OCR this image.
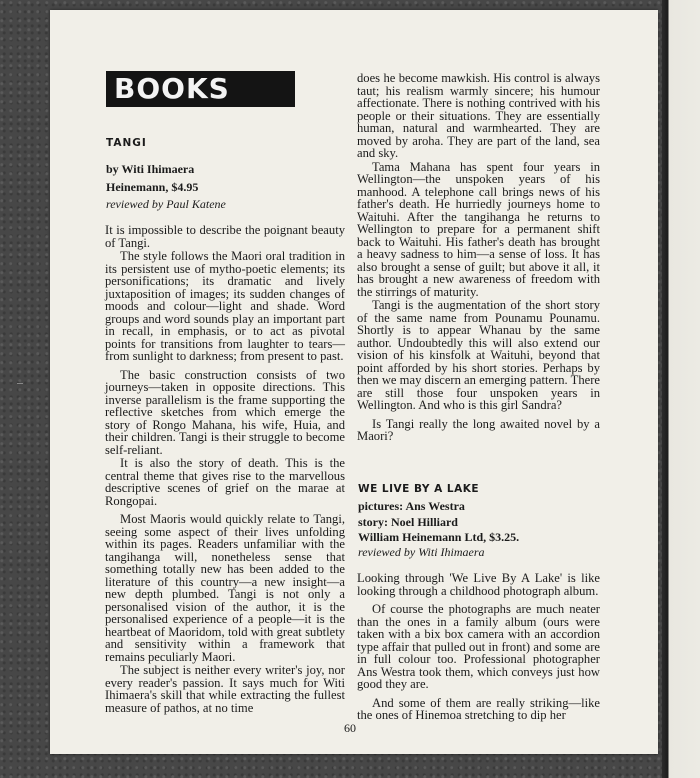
BOOKS
TANGI
by Witi Ihimaera
Heinemann, $4.95
reviewed by Paul Katene

It is impossible to describe the poignant beauty of Tangi.

The style follows the Maori oral tradition in its persistent use of mytho-poetic elements; its personifications; its dramatic and lively juxtaposition of images; its sudden changes of moods and colour—light and shade. Word groups and word sounds play an important part in recall, in emphasis, or to act as pivotal points for transitions from laughter to tears—from sunlight to darkness; from present to past.

The basic construction consists of two journeys—taken in opposite directions. This inverse parallelism is the frame supporting the reflective sketches from which emerge the story of Rongo Mahana, his wife, Huia, and their children. Tangi is their struggle to become self-reliant.

It is also the story of death. This is the central theme that gives rise to the marvellous descriptive scenes of grief on the marae at Rongopai.

Most Maoris would quickly relate to Tangi, seeing some aspect of their lives unfolding within its pages. Readers unfamiliar with the tangihanga will, nonetheless sense that something totally new has been added to the literature of this country—a new insight—a new depth plumbed. Tangi is not only a personalised vision of the author, it is the personalised experience of a people—it is the heartbeat of Maoridom, told with great subtlety and sensitivity within a framework that remains peculiarly Maori.

The subject is neither every writer's joy, nor every reader's passion. It says much for Witi Ihimaera's skill that while extracting the fullest measure of pathos, at no time

does he become mawkish. His control is always taut; his realism warmly sincere; his humour affectionate. There is nothing contrived with his people or their situations. They are essentially human, natural and warmhearted. They are moved by aroha. They are part of the land, sea and sky.

Tama Mahana has spent four years in Wellington—the unspoken years of his manhood. A telephone call brings news of his father's death. He hurriedly journeys home to Waituhi. After the tangihanga he returns to Wellington to prepare for a permanent shift back to Waituhi. His father's death has brought a heavy sadness to him—a sense of loss. It has also brought a sense of guilt; but above it all, it has brought a new awareness of freedom with the stirrings of maturity.

Tangi is the augmentation of the short story of the same name from Pounamu Pounamu. Shortly is to appear Whanau by the same author. Undoubtedly this will also extend our vision of his kinsfolk at Waituhi, beyond that point afforded by his short stories. Perhaps by then we may discern an emerging pattern. There are still those four unspoken years in Wellington. And who is this girl Sandra?

Is Tangi really the long awaited novel by a Maori?

WE LIVE BY A LAKE
pictures: Ans Westra
story: Noel Hilliard
William Heinemann Ltd, $3.25.
reviewed by Witi Ihimaera

Looking through 'We Live By A Lake' is like looking through a childhood photograph album.

Of course the photographs are much neater than the ones in a family album (ours were taken with a bix box camera with an accordion type affair that pulled out in front) and some are in full colour too. Professional photographer Ans Westra took them, which conveys just how good they are.

And some of them are really striking—like the ones of Hinemoa stretching to dip her

60
